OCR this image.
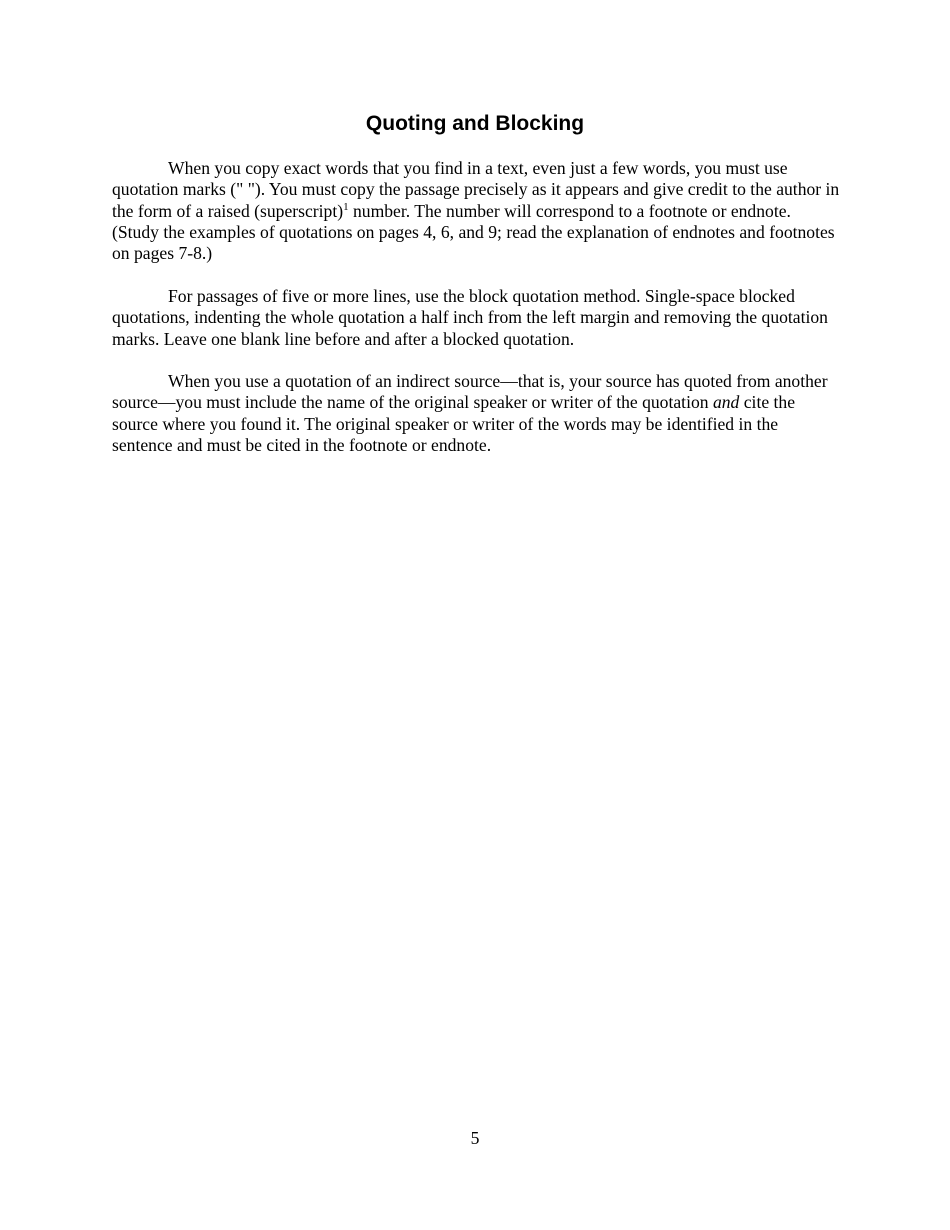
Quoting and Blocking

When you copy exact words that you find in a text, even just a few words, you must use quotation marks (" "). You must copy the passage precisely as it appears and give credit to the author in the form of a raised (superscript)$^1$ number. The number will correspond to a footnote or endnote. (Study the examples of quotations on pages 4, 6, and 9; read the explanation of endnotes and footnotes on pages 7-8.)

For passages of five or more lines, use the block quotation method. Single-space blocked quotations, indenting the whole quotation a half inch from the left margin and removing the quotation marks. Leave one blank line before and after a blocked quotation.

When you use a quotation of an indirect source—that is, your source has quoted from another source—you must include the name of the original speaker or writer of the quotation and cite the source where you found it. The original speaker or writer of the words may be identified in the sentence and must be cited in the footnote or endnote.

5
